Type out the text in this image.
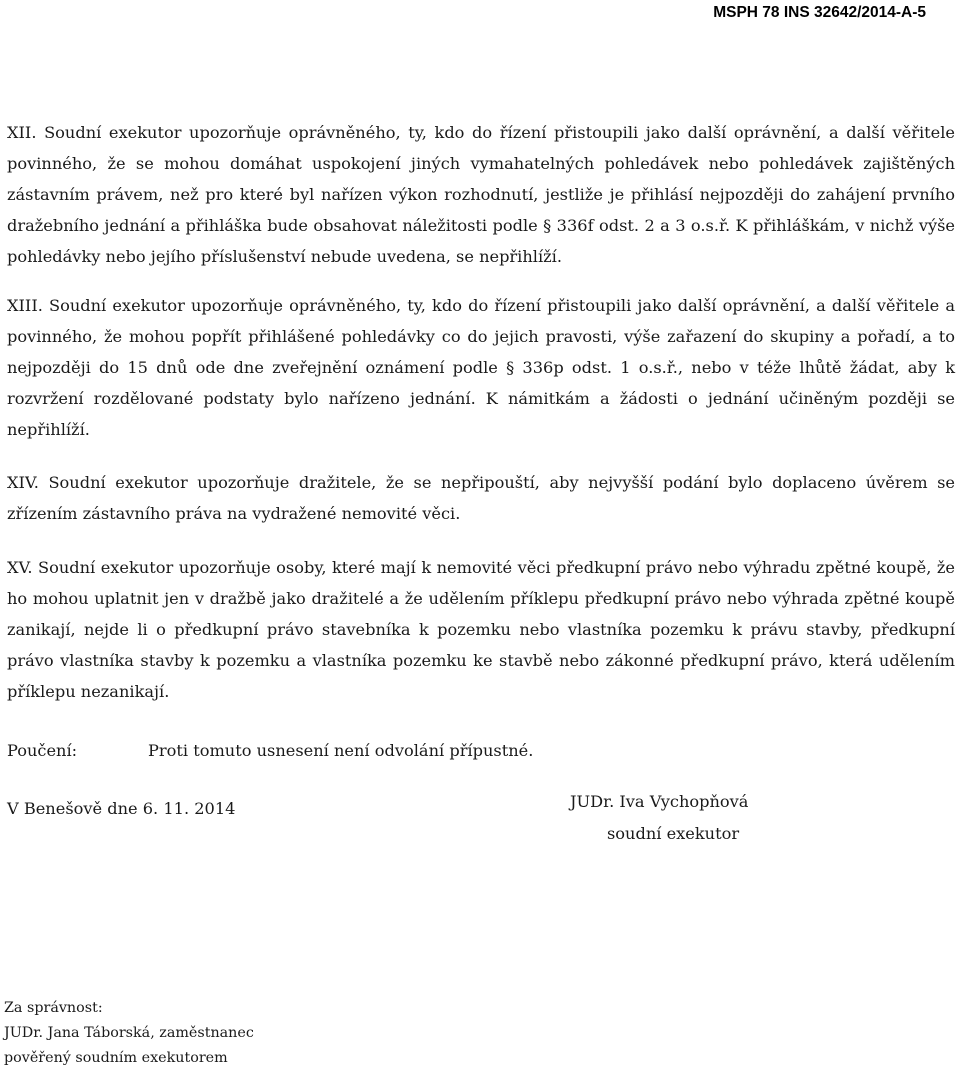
MSPH 78 INS 32642/2014-A-5

XII. Soudní exekutor upozorňuje oprávněného, ty, kdo do řízení přistoupili jako další oprávnění, a další věřitele povinného, že se mohou domáhat uspokojení jiných vymahatelných pohledávek nebo pohledávek zajištěných zástavním právem, než pro které byl nařízen výkon rozhodnutí, jestliže je přihlásí nejpozději do zahájení prvního dražebního jednání a přihláška bude obsahovat náležitosti podle § 336f odst. 2 a 3 o.s.ř. K přihláškám, v nichž výše pohledávky nebo jejího příslušenství nebude uvedena, se nepřihlíží.

XIII. Soudní exekutor upozorňuje oprávněného, ty, kdo do řízení přistoupili jako další oprávnění, a další věřitele a povinného, že mohou popřít přihlášené pohledávky co do jejich pravosti, výše zařazení do skupiny a pořadí, a to nejpozději do 15 dnů ode dne zveřejnění oznámení podle § 336p odst. 1 o.s.ř., nebo v téže lhůtě žádat, aby k rozvržení rozdělované podstaty bylo nařízeno jednání. K námitkám a žádosti o jednání učiněným později se nepřihlíží.

XIV. Soudní exekutor upozorňuje dražitele, že se nepřipouští, aby nejvyšší podání bylo doplaceno úvěrem se zřízením zástavního práva na vydražené nemovité věci.

XV. Soudní exekutor upozorňuje osoby, které mají k nemovité věci předkupní právo nebo výhradu zpětné koupě, že ho mohou uplatnit jen v dražbě jako dražitelé a že udělením příklepu předkupní právo nebo výhrada zpětné koupě zanikají, nejde li o předkupní právo stavebníka k pozemku nebo vlastníka pozemku k právu stavby, předkupní právo vlastníka stavby k pozemku a vlastníka pozemku ke stavbě nebo zákonné předkupní právo, která udělením příklepu nezanikají.

Poučení:	Proti tomuto usnesení není odvolání přípustné.
V Benešově dne 6. 11. 2014	JUDr. Iva Vychopňová
soudní exekutor
Za správnost:
JUDr. Jana Táborská, zaměstnanec
pověřený soudním exekutorem
